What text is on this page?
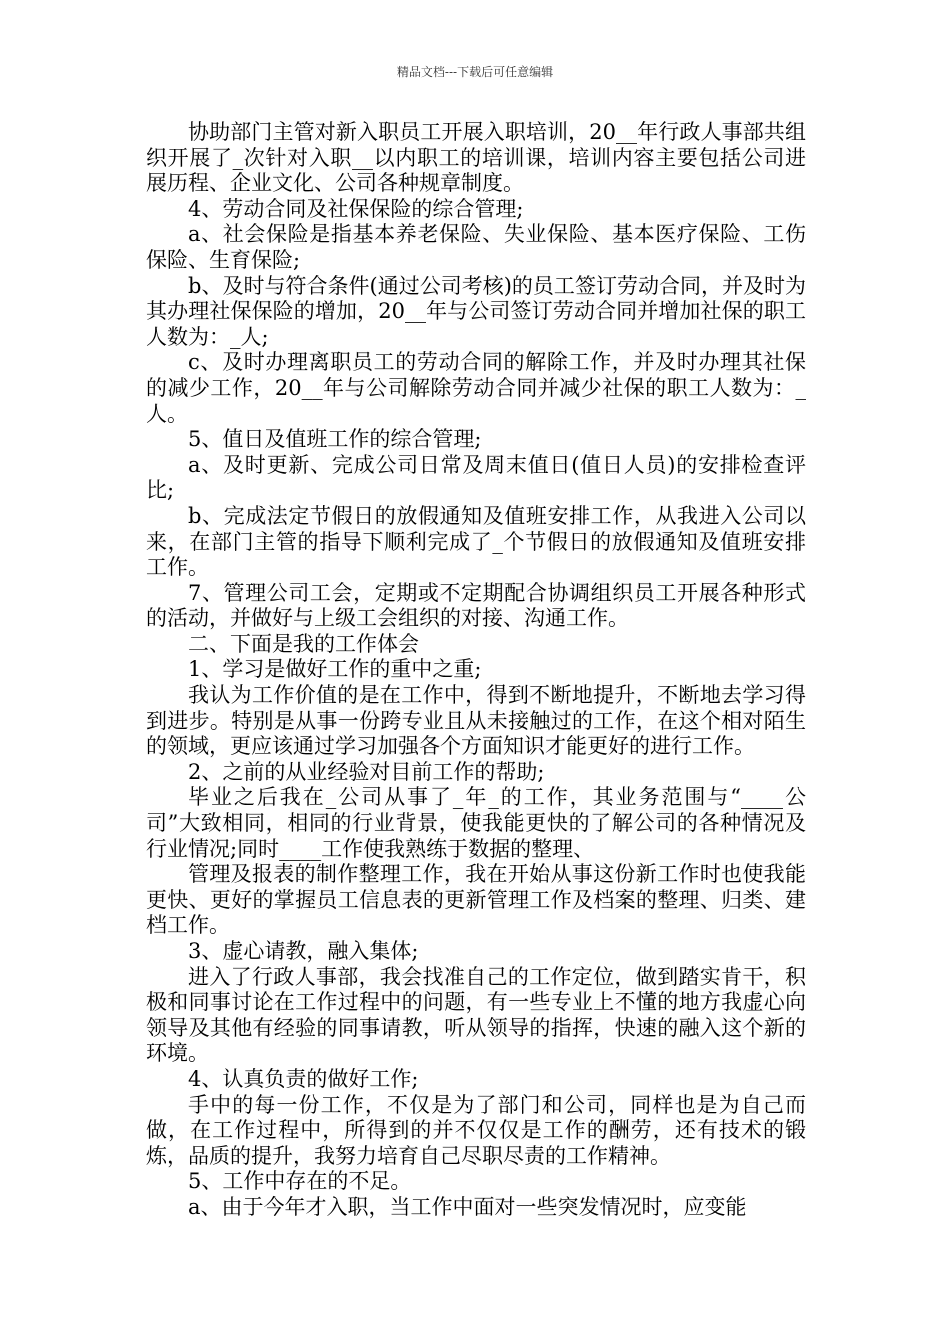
精品文档---下载后可任意编辑

协助部门主管对新入职员工开展入职培训，20__年行政人事部共组织开展了_次针对入职__以内职工的培训课，培训内容主要包括公司进展历程、企业文化、公司各种规章制度。

4、劳动合同及社保保险的综合管理;

a、社会保险是指基本养老保险、失业保险、基本医疗保险、工伤保险、生育保险;

b、及时与符合条件(通过公司考核)的员工签订劳动合同，并及时为其办理社保保险的增加，20__年与公司签订劳动合同并增加社保的职工人数为：_人;

c、及时办理离职员工的劳动合同的解除工作，并及时办理其社保的减少工作，20__年与公司解除劳动合同并减少社保的职工人数为：_人。

5、值日及值班工作的综合管理;

a、及时更新、完成公司日常及周末值日(值日人员)的安排检查评比;

b、完成法定节假日的放假通知及值班安排工作，从我进入公司以来，在部门主管的指导下顺利完成了_个节假日的放假通知及值班安排工作。

7、管理公司工会，定期或不定期配合协调组织员工开展各种形式的活动，并做好与上级工会组织的对接、沟通工作。

二、下面是我的工作体会

1、学习是做好工作的重中之重;

我认为工作价值的是在工作中，得到不断地提升，不断地去学习得到进步。特别是从事一份跨专业且从未接触过的工作，在这个相对陌生的领域，更应该通过学习加强各个方面知识才能更好的进行工作。

2、之前的从业经验对目前工作的帮助;

毕业之后我在_公司从事了_年_的工作，其业务范围与“____公司”大致相同，相同的行业背景，使我能更快的了解公司的各种情况及行业情况;同时____工作使我熟练于数据的整理、

管理及报表的制作整理工作，我在开始从事这份新工作时也使我能更快、更好的掌握员工信息表的更新管理工作及档案的整理、归类、建档工作。

3、虚心请教，融入集体;

进入了行政人事部，我会找准自己的工作定位，做到踏实肯干，积极和同事讨论在工作过程中的问题，有一些专业上不懂的地方我虚心向领导及其他有经验的同事请教，听从领导的指挥，快速的融入这个新的环境。

4、认真负责的做好工作;

手中的每一份工作，不仅是为了部门和公司，同样也是为自己而做，在工作过程中，所得到的并不仅仅是工作的酬劳，还有技术的锻炼，品质的提升，我努力培育自己尽职尽责的工作精神。

5、工作中存在的不足。

a、由于今年才入职，当工作中面对一些突发情况时，应变能
